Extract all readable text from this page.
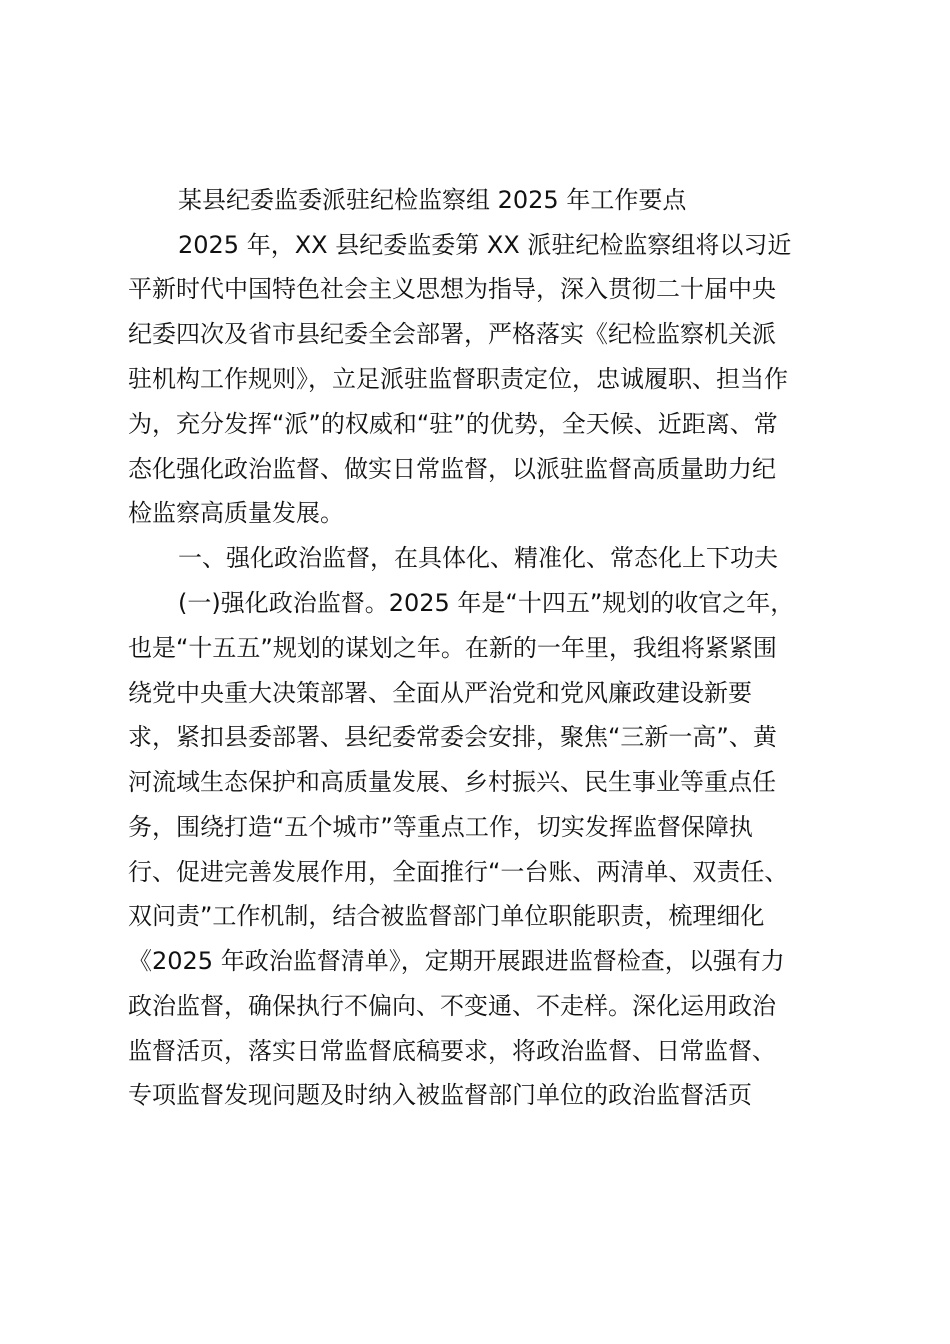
某县纪委监委派驻纪检监察组 2025 年工作要点

2025 年，XX 县纪委监委第 XX 派驻纪检监察组将以习近

平新时代中国特色社会主义思想为指导，深入贯彻二十届中央

纪委四次及省市县纪委全会部署，严格落实《纪检监察机关派

驻机构工作规则》，立足派驻监督职责定位，忠诚履职、担当作

为，充分发挥“派”的权威和“驻”的优势，全天候、近距离、常

态化强化政治监督、做实日常监督，以派驻监督高质量助力纪

检监察高质量发展。

一、强化政治监督，在具体化、精准化、常态化上下功夫

(一)强化政治监督。2025 年是“十四五”规划的收官之年，

也是“十五五”规划的谋划之年。在新的一年里，我组将紧紧围

绕党中央重大决策部署、全面从严治党和党风廉政建设新要

求，紧扣县委部署、县纪委常委会安排，聚焦“三新一高”、黄

河流域生态保护和高质量发展、乡村振兴、民生事业等重点任

务，围绕打造“五个城市”等重点工作，切实发挥监督保障执

行、促进完善发展作用，全面推行“一台账、两清单、双责任、

双问责”工作机制，结合被监督部门单位职能职责，梳理细化

《2025 年政治监督清单》，定期开展跟进监督检查，以强有力

政治监督，确保执行不偏向、不变通、不走样。深化运用政治

监督活页，落实日常监督底稿要求，将政治监督、日常监督、

专项监督发现问题及时纳入被监督部门单位的政治监督活页
